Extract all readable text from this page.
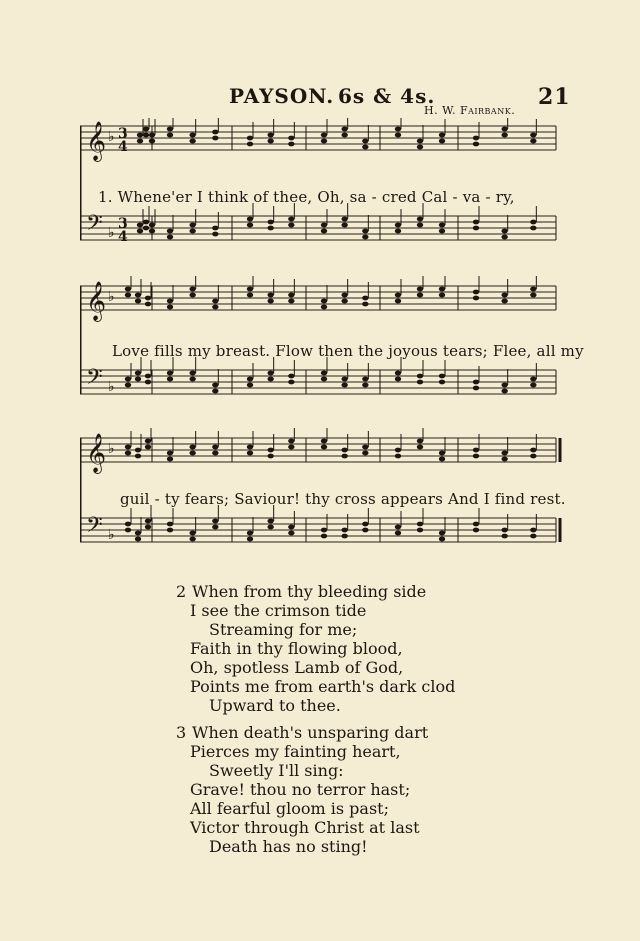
PAYSON. 6s & 4s.	21
H. W. Fairbank.
𝄞 ♭ 3
4
𝄢 ♭
3
4
1. Whene'er I think of thee, Oh, sa - cred Cal - va - ry,
𝄞 ♭
𝄢 ♭
Love fills my breast. Flow then the joyous tears; Flee, all my
𝄞 ♭
𝄢 ♭
guil - ty fears; Saviour! thy cross appears And I find rest.
2 When from thy bleeding side
I see the crimson tide
Streaming for me;
Faith in thy flowing blood,
Oh, spotless Lamb of God,
Points me from earth's dark clod
Upward to thee.
3 When death's unsparing dart
Pierces my fainting heart,
Sweetly I'll sing:
Grave! thou no terror hast;
All fearful gloom is past;
Victor through Christ at last
Death has no sting!
